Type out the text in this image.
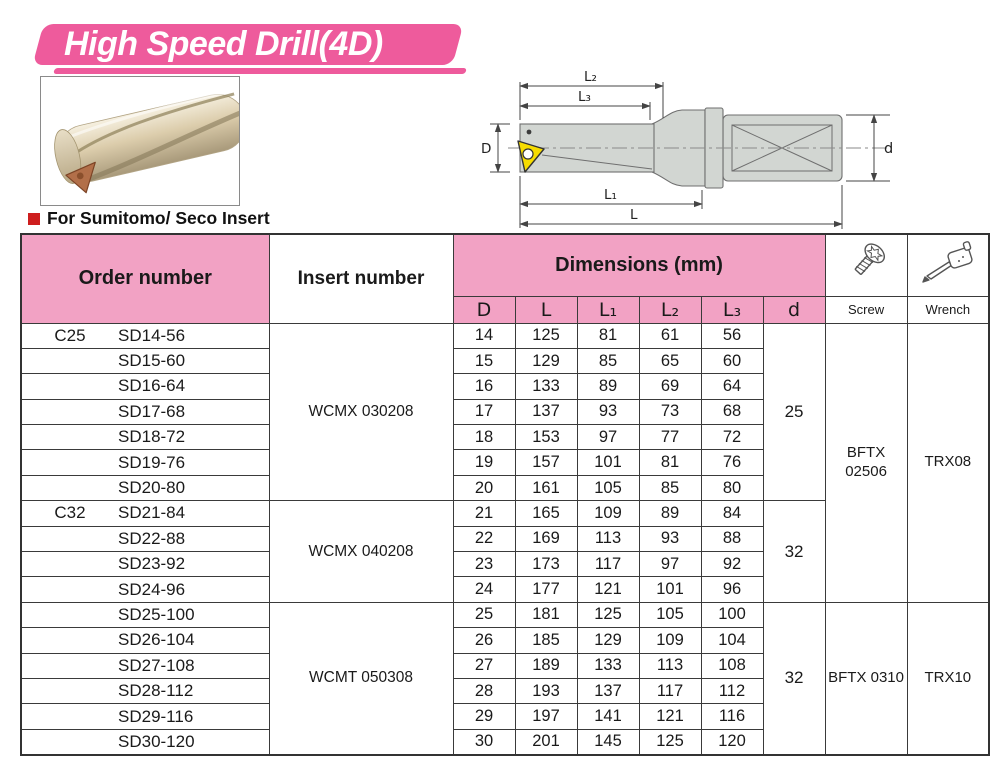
High Speed Drill(4D)
L₂
L₃
D
L₁
L
d
For Sumitomo/ Seco Insert
Order number	Insert number	Dimensions (mm)		
		D	L	L₁	L₂	L₃	d	Screw	Wrench

C25 SD14-56	WCMX 030208	14	125	81	61	56	25	BFTX 02506	TRX08

SD15-60		15	129	85	65	60			

SD16-64		16	133	89	69	64			

SD17-68		17	137	93	73	68			

SD18-72		18	153	97	77	72			

SD19-76		19	157	101	81	76			

SD20-80		20	161	105	85	80			

C32 SD21-84	WCMX 040208	21	165	109	89	84	32		

SD22-88		22	169	113	93	88			

SD23-92		23	173	117	97	92			

SD24-96		24	177	121	101	96			

SD25-100	WCMT 050308	25	181	125	105	100	32	BFTX 0310	TRX10

SD26-104		26	185	129	109	104			

SD27-108		27	189	133	113	108			

SD28-112		28	193	137	117	112			

SD29-116		29	197	141	121	116			

SD30-120		30	201	145	125	120			
